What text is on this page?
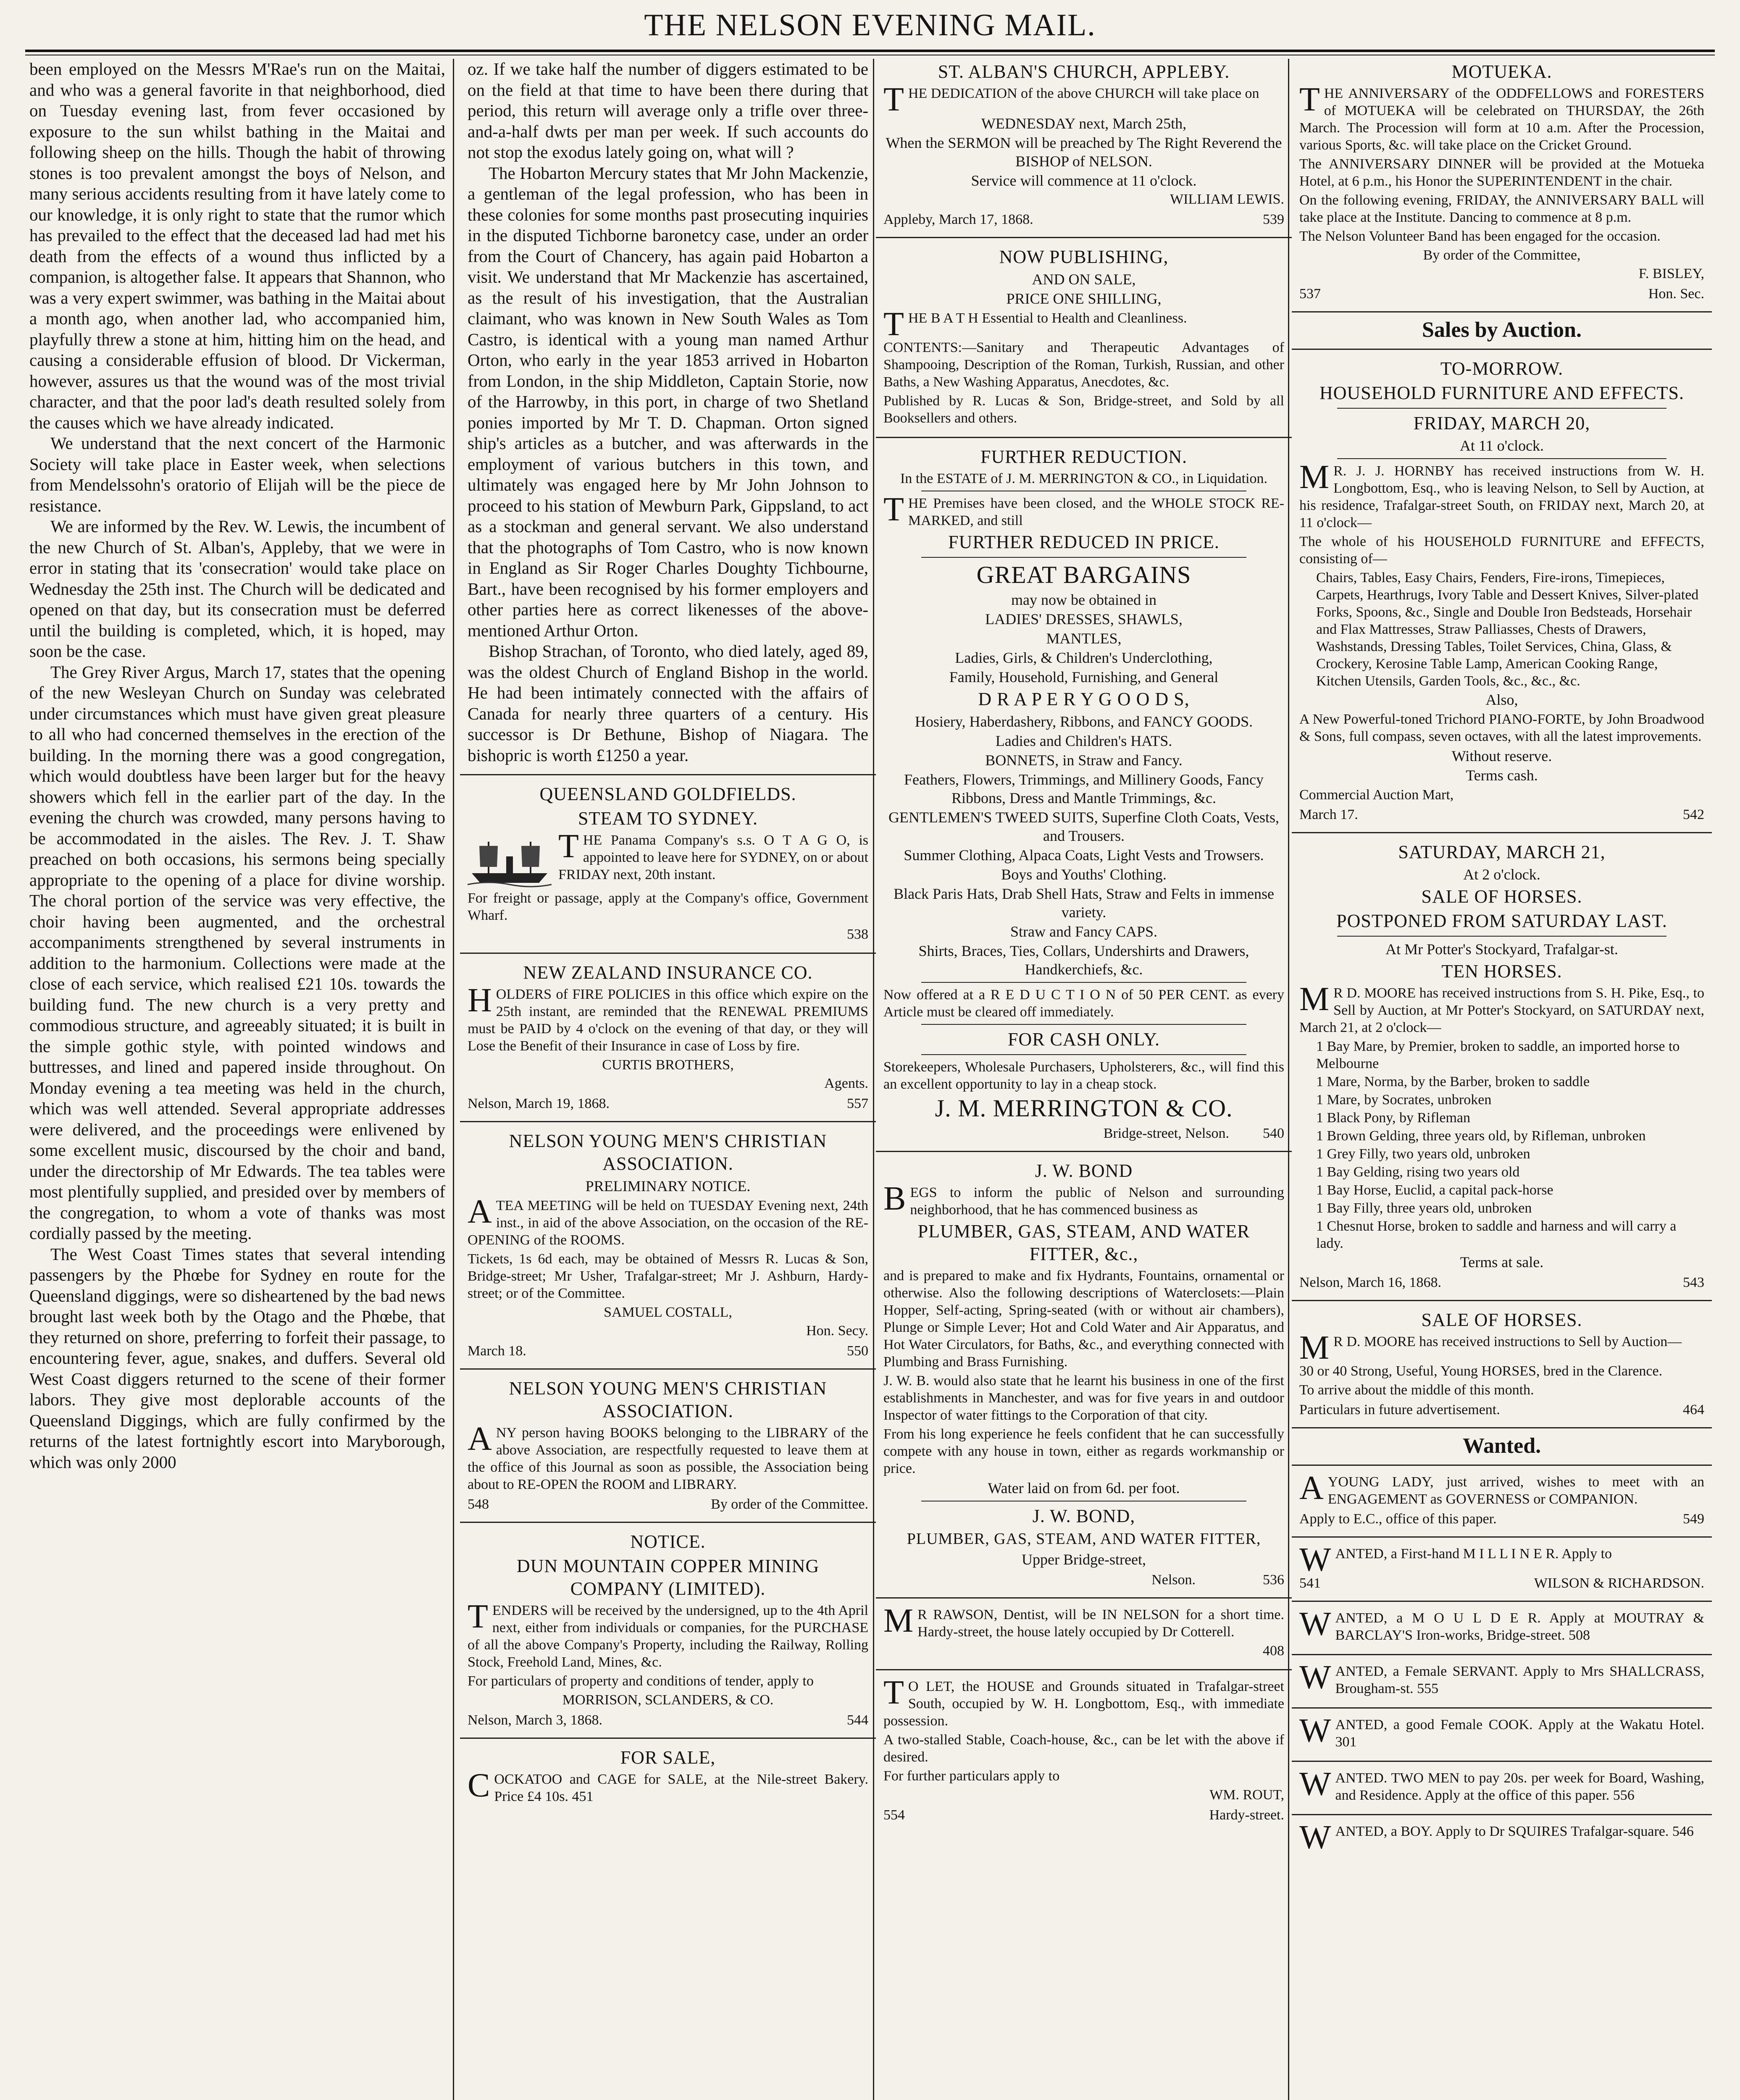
THE NELSON EVENING MAIL.

been employed on the Messrs M'Rae's run on the Maitai, and who was a general favorite in that neighborhood, died on Tuesday evening last, from fever occasioned by exposure to the sun whilst bathing in the Maitai and following sheep on the hills. Though the habit of throwing stones is too prevalent amongst the boys of Nelson, and many serious accidents resulting from it have lately come to our knowledge, it is only right to state that the rumor which has prevailed to the effect that the deceased lad had met his death from the effects of a wound thus inflicted by a companion, is altogether false. It appears that Shannon, who was a very expert swimmer, was bathing in the Maitai about a month ago, when another lad, who accompanied him, playfully threw a stone at him, hitting him on the head, and causing a considerable effusion of blood. Dr Vickerman, however, assures us that the wound was of the most trivial character, and that the poor lad's death resulted solely from the causes which we have already indicated.

We understand that the next concert of the Harmonic Society will take place in Easter week, when selections from Mendelssohn's oratorio of Elijah will be the piece de resistance.

We are informed by the Rev. W. Lewis, the incumbent of the new Church of St. Alban's, Appleby, that we were in error in stating that its 'consecration' would take place on Wednesday the 25th inst. The Church will be dedicated and opened on that day, but its consecration must be deferred until the building is completed, which, it is hoped, may soon be the case.

The Grey River Argus, March 17, states that the opening of the new Wesleyan Church on Sunday was celebrated under circumstances which must have given great pleasure to all who had concerned themselves in the erection of the building. In the morning there was a good congregation, which would doubtless have been larger but for the heavy showers which fell in the earlier part of the day. In the evening the church was crowded, many persons having to be accommodated in the aisles. The Rev. J. T. Shaw preached on both occasions, his sermons being specially appropriate to the opening of a place for divine worship. The choral portion of the service was very effective, the choir having been augmented, and the orchestral accompaniments strengthened by several instruments in addition to the harmonium. Collections were made at the close of each service, which realised £21 10s. towards the building fund. The new church is a very pretty and commodious structure, and agreeably situated; it is built in the simple gothic style, with pointed windows and buttresses, and lined and papered inside throughout. On Monday evening a tea meeting was held in the church, which was well attended. Several appropriate addresses were delivered, and the proceedings were enlivened by some excellent music, discoursed by the choir and band, under the directorship of Mr Edwards. The tea tables were most plentifully supplied, and presided over by members of the congregation, to whom a vote of thanks was most cordially passed by the meeting.

The West Coast Times states that several intending passengers by the Phœbe for Sydney en route for the Queensland diggings, were so disheartened by the bad news brought last week both by the Otago and the Phœbe, that they returned on shore, preferring to forfeit their passage, to encountering fever, ague, snakes, and duffers. Several old West Coast diggers returned to the scene of their former labors. They give most deplorable accounts of the Queensland Diggings, which are fully confirmed by the returns of the latest fortnightly escort into Maryborough, which was only 2000

oz. If we take half the number of diggers estimated to be on the field at that time to have been there during that period, this return will average only a trifle over three-and-a-half dwts per man per week. If such accounts do not stop the exodus lately going on, what will ?

The Hobarton Mercury states that Mr John Mackenzie, a gentleman of the legal profession, who has been in these colonies for some months past prosecuting inquiries in the disputed Tichborne baronetcy case, under an order from the Court of Chancery, has again paid Hobarton a visit. We understand that Mr Mackenzie has ascertained, as the result of his investigation, that the Australian claimant, who was known in New South Wales as Tom Castro, is identical with a young man named Arthur Orton, who early in the year 1853 arrived in Hobarton from London, in the ship Middleton, Captain Storie, now of the Harrowby, in this port, in charge of two Shetland ponies imported by Mr T. D. Chapman. Orton signed ship's articles as a butcher, and was afterwards in the employment of various butchers in this town, and ultimately was engaged here by Mr John Johnson to proceed to his station of Mewburn Park, Gippsland, to act as a stockman and general servant. We also understand that the photographs of Tom Castro, who is now known in England as Sir Roger Charles Doughty Tichbourne, Bart., have been recognised by his former employers and other parties here as correct likenesses of the above-mentioned Arthur Orton.

Bishop Strachan, of Toronto, who died lately, aged 89, was the oldest Church of England Bishop in the world. He had been intimately connected with the affairs of Canada for nearly three quarters of a century. His successor is Dr Bethune, Bishop of Niagara. The bishopric is worth £1250 a year.

QUEENSLAND GOLDFIELDS.
STEAM TO SYDNEY.
T HE Panama Company's s.s. O T A G O, is appointed to leave here for SYDNEY, on or about FRIDAY next, 20th instant.
For freight or passage, apply at the Company's office, Government Wharf.
538
NEW ZEALAND INSURANCE CO.
HOLDERS of FIRE POLICIES in this office which expire on the 25th instant, are reminded that the RENEWAL PREMIUMS must be PAID by 4 o'clock on the evening of that day, or they will Lose the Benefit of their Insurance in case of Loss by fire.
CURTIS BROTHERS,
Agents.
Nelson, March 19, 1868.	557
NELSON YOUNG MEN'S CHRISTIAN ASSOCIATION.
PRELIMINARY NOTICE.
ATEA MEETING will be held on TUESDAY Evening next, 24th inst., in aid of the above Association, on the occasion of the RE-OPENING of the ROOMS.
Tickets, 1s 6d each, may be obtained of Messrs R. Lucas & Son, Bridge-street; Mr Usher, Trafalgar-street; Mr J. Ashburn, Hardy-street; or of the Committee.
SAMUEL COSTALL,
Hon. Secy.
March 18.	550
NELSON YOUNG MEN'S CHRISTIAN ASSOCIATION.
ANY person having BOOKS belonging to the LIBRARY of the above Association, are respectfully requested to leave them at the office of this Journal as soon as possible, the Association being about to RE-OPEN the ROOM and LIBRARY.
548	By order of the Committee.
NOTICE.
DUN MOUNTAIN COPPER MINING COMPANY (LIMITED).
TENDERS will be received by the undersigned, up to the 4th April next, either from individuals or companies, for the PURCHASE of all the above Company's Property, including the Railway, Rolling Stock, Freehold Land, Mines, &c.
For particulars of property and conditions of tender, apply to
MORRISON, SCLANDERS, & CO.
Nelson, March 3, 1868.	544
FOR SALE,
COCKATOO and CAGE for SALE, at the Nile-street Bakery. Price £4 10s. 451
ST. ALBAN'S CHURCH, APPLEBY.
THE DEDICATION of the above CHURCH will take place on
WEDNESDAY next, March 25th,
When the SERMON will be preached by The Right Reverend the BISHOP of NELSON.
Service will commence at 11 o'clock.
WILLIAM LEWIS.
Appleby, March 17, 1868.	539
NOW PUBLISHING,
AND ON SALE,
PRICE ONE SHILLING,
THE B A T H Essential to Health and Cleanliness.
CONTENTS:—Sanitary and Therapeutic Advantages of Shampooing, Description of the Roman, Turkish, Russian, and other Baths, a New Washing Apparatus, Anecdotes, &c.
Published by R. Lucas & Son, Bridge-street, and Sold by all Booksellers and others.
FURTHER REDUCTION.
In the ESTATE of J. M. MERRINGTON & CO., in Liquidation.
THE Premises have been closed, and the WHOLE STOCK RE-MARKED, and still
FURTHER REDUCED IN PRICE.
GREAT BARGAINS
may now be obtained in
LADIES' DRESSES, SHAWLS,
MANTLES,
Ladies, Girls, & Children's Underclothing,
Family, Household, Furnishing, and General
D R A P E R Y G O O D S,
Hosiery, Haberdashery, Ribbons, and FANCY GOODS.
Ladies and Children's HATS.
BONNETS, in Straw and Fancy.
Feathers, Flowers, Trimmings, and Millinery Goods, Fancy Ribbons, Dress and Mantle Trimmings, &c.
GENTLEMEN'S TWEED SUITS, Superfine Cloth Coats, Vests, and Trousers.
Summer Clothing, Alpaca Coats, Light Vests and Trowsers.
Boys and Youths' Clothing.
Black Paris Hats, Drab Shell Hats, Straw and Felts in immense variety.
Straw and Fancy CAPS.
Shirts, Braces, Ties, Collars, Undershirts and Drawers, Handkerchiefs, &c.
Now offered at a R E D U C T I O N of 50 PER CENT. as every Article must be cleared off immediately.
FOR CASH ONLY.
Storekeepers, Wholesale Purchasers, Upholsterers, &c., will find this an excellent opportunity to lay in a cheap stock.
J. M. MERRINGTON & CO.
Bridge-street, Nelson. 540
J. W. BOND
BEGS to inform the public of Nelson and surrounding neighborhood, that he has commenced business as
PLUMBER, GAS, STEAM, AND WATER FITTER, &c.,
and is prepared to make and fix Hydrants, Fountains, ornamental or otherwise. Also the following descriptions of Waterclosets:—Plain Hopper, Self-acting, Spring-seated (with or without air chambers), Plunge or Simple Lever; Hot and Cold Water and Air Apparatus, and Hot Water Circulators, for Baths, &c., and everything connected with Plumbing and Brass Furnishing.
J. W. B. would also state that he learnt his business in one of the first establishments in Manchester, and was for five years in and outdoor Inspector of water fittings to the Corporation of that city.
From his long experience he feels confident that he can successfully compete with any house in town, either as regards workmanship or price.
Water laid on from 6d. per foot.
J. W. BOND,
PLUMBER, GAS, STEAM, AND WATER FITTER,
Upper Bridge-street,
Nelson.	536
M R RAWSON, Dentist, will be IN NELSON for a short time. Hardy-street, the house lately occupied by Dr Cotterell.
408
T O LET, the HOUSE and Grounds situated in Trafalgar-street South, occupied by W. H. Longbottom, Esq., with immediate possession.
A two-stalled Stable, Coach-house, &c., can be let with the above if desired.
For further particulars apply to
WM. ROUT,
554	Hardy-street.
MOTUEKA.
THE ANNIVERSARY of the ODDFELLOWS and FORESTERS of MOTUEKA will be celebrated on THURSDAY, the 26th March. The Procession will form at 10 a.m. After the Procession, various Sports, &c. will take place on the Cricket Ground.
The ANNIVERSARY DINNER will be provided at the Motueka Hotel, at 6 p.m., his Honor the SUPERINTENDENT in the chair.
On the following evening, FRIDAY, the ANNIVERSARY BALL will take place at the Institute. Dancing to commence at 8 p.m.
The Nelson Volunteer Band has been engaged for the occasion.
By order of the Committee,
F. BISLEY,
537	Hon. Sec.
Sales by Auction.
TO-MORROW.
HOUSEHOLD FURNITURE AND EFFECTS.
FRIDAY, MARCH 20,
At 11 o'clock.
M R. J. J. HORNBY has received instructions from W. H. Longbottom, Esq., who is leaving Nelson, to Sell by Auction, at his residence, Trafalgar-street South, on FRIDAY next, March 20, at 11 o'clock—
The whole of his HOUSEHOLD FURNITURE and EFFECTS, consisting of—
Chairs, Tables, Easy Chairs, Fenders, Fire-irons, Timepieces, Carpets, Hearthrugs, Ivory Table and Dessert Knives, Silver-plated Forks, Spoons, &c., Single and Double Iron Bedsteads, Horsehair and Flax Mattresses, Straw Palliasses, Chests of Drawers, Washstands, Dressing Tables, Toilet Services, China, Glass, & Crockery, Kerosine Table Lamp, American Cooking Range, Kitchen Utensils, Garden Tools, &c., &c., &c.
Also,
A New Powerful-toned Trichord PIANO-FORTE, by John Broadwood & Sons, full compass, seven octaves, with all the latest improvements.
Without reserve.
Terms cash.
Commercial Auction Mart,
March 17.	542
SATURDAY, MARCH 21,
At 2 o'clock.
SALE OF HORSES.
POSTPONED FROM SATURDAY LAST.
At Mr Potter's Stockyard, Trafalgar-st.
TEN HORSES.
M R D. MOORE has received instructions from S. H. Pike, Esq., to Sell by Auction, at Mr Potter's Stockyard, on SATURDAY next, March 21, at 2 o'clock—
1 Bay Mare, by Premier, broken to saddle, an imported horse to Melbourne
1 Mare, Norma, by the Barber, broken to saddle
1 Mare, by Socrates, unbroken
1 Black Pony, by Rifleman
1 Brown Gelding, three years old, by Rifleman, unbroken
1 Grey Filly, two years old, unbroken
1 Bay Gelding, rising two years old
1 Bay Horse, Euclid, a capital pack-horse
1 Bay Filly, three years old, unbroken
1 Chesnut Horse, broken to saddle and harness and will carry a lady.
Terms at sale.
Nelson, March 16, 1868.	543
SALE OF HORSES.
M R D. MOORE has received instructions to Sell by Auction—
30 or 40 Strong, Useful, Young HORSES, bred in the Clarence.
To arrive about the middle of this month.
Particulars in future advertisement.	464
Wanted.
AYOUNG LADY, just arrived, wishes to meet with an ENGAGEMENT as GOVERNESS or COMPANION.
Apply to E.C., office of this paper.	549
WANTED, a First-hand M I L L I N E R. Apply to
541	WILSON & RICHARDSON.
WANTED, a M O U L D E R. Apply at MOUTRAY & BARCLAY'S Iron-works, Bridge-street. 508
WANTED, a Female SERVANT. Apply to Mrs SHALLCRASS, Brougham-st. 555
WANTED, a good Female COOK. Apply at the Wakatu Hotel. 301
WANTED. TWO MEN to pay 20s. per week for Board, Washing, and Residence. Apply at the office of this paper. 556
WANTED, a BOY. Apply to Dr SQUIRES Trafalgar-square. 546
